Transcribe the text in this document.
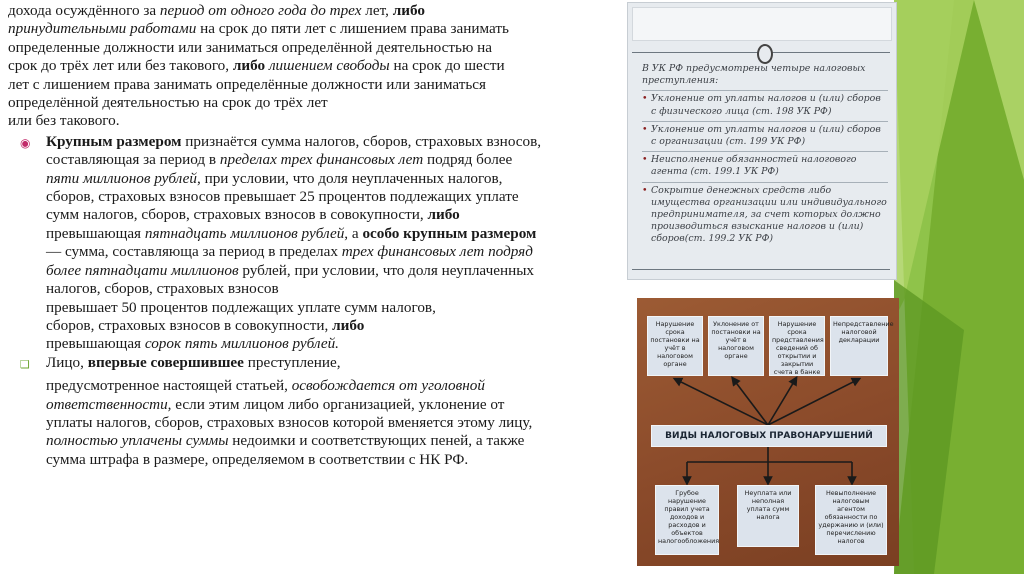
дохода осуждённого за период от одного года до трех лет, либо

принудительными работами на срок до пяти лет с лишением права занимать

определенные должности или заниматься определённой деятельностью на

срок до трёх лет или без такового, либо лишением свободы на срок до шести

лет с лишением права занимать определённые должности или заниматься

определённой деятельностью на срок до трёх лет

или без такового.

◉ Крупным размером признаётся сумма налогов, сборов, страховых взносов,

составляющая за период в пределах трех финансовых лет подряд более

пяти миллионов рублей, при условии, что доля неуплаченных налогов,

сборов, страховых взносов превышает 25 процентов подлежащих уплате

сумм налогов, сборов, страховых взносов в совокупности, либо

превышающая пятнадцать миллионов рублей, а особо крупным размером

— сумма, составляюща за период в пределах трех финансовых лет подряд

более пятнадцати миллионов рублей, при условии, что доля неуплаченных

налогов, сборов, страховых взносов

превышает 50 процентов подлежащих уплате сумм налогов,

сборов, страховых взносов в совокупности, либо

превышающая сорок пять миллионов рублей.

❑ Лицо, впервые совершившее преступление,

предусмотренное настоящей статьей, освобождается от уголовной

ответственности, если этим лицом либо организацией, уклонение от

уплаты налогов, сборов, страховых взносов которой вменяется этому лицу,

полностью уплачены суммы недоимки и соответствующих пеней, а также

сумма штрафа в размере, определяемом в соответствии с НК РФ.

В УК РФ предусмотрены четыре налоговых преступления:
• Уклонение от уплаты налогов и (или) сборов с физического лица (ст. 198 УК РФ)
• Уклонение от уплаты налогов и (или) сборов с организации (ст. 199 УК РФ)
• Неисполнение обязанностей налогового агента (ст. 199.1 УК РФ)
• Сокрытие денежных средств либо имущества организации или индивидуального предпринимателя, за счет которых должно производиться взыскание налогов и (или) сборов(ст. 199.2 УК РФ)
Нарушение срока постановки на учёт в налоговом органе
Уклонение от постановки на учёт в налоговом органе
Нарушение срока представления сведений об открытии и закрытии счета в банке
Непредставление налоговой декларации
ВИДЫ НАЛОГОВЫХ ПРАВОНАРУШЕНИЙ
Грубое нарушение правил учета доходов и расходов и объектов налогообложения
Неуплата или неполная уплата сумм налога
Невыполнение налоговым агентом обязанности по удержанию и (или) перечислению налогов
